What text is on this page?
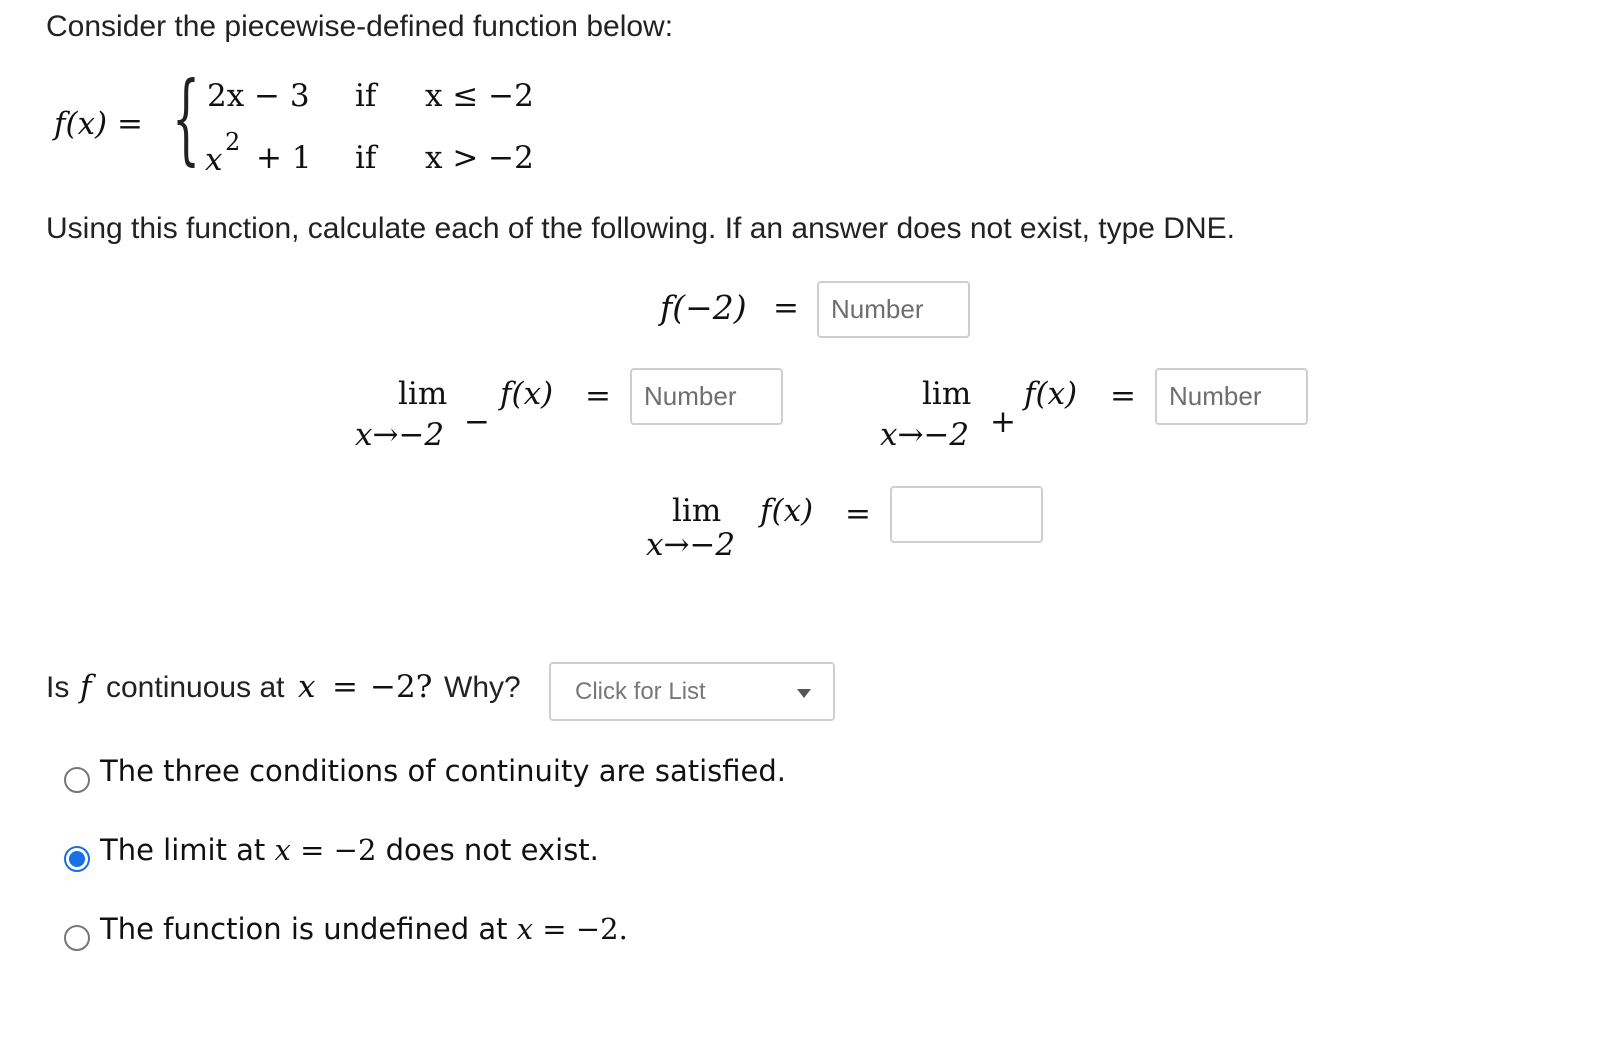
Consider the piecewise-defined function below:
f(x) = { 2x − 3 if x ≤ −2
x 2 + 1 if x > −2
Using this function, calculate each of the following. If an answer does not exist, type DNE.
f(−2) =
Number
lim
x→−2 −
f(x) =
Number	lim
x→−2 +
f(x) =
Number
lim
x→−2
f(x) =
Is f continuous at x = −2? Why? Click for List
The three conditions of continuity are satisfied.
The limit at x = −2 does not exist.
The function is undefined at x = −2.
